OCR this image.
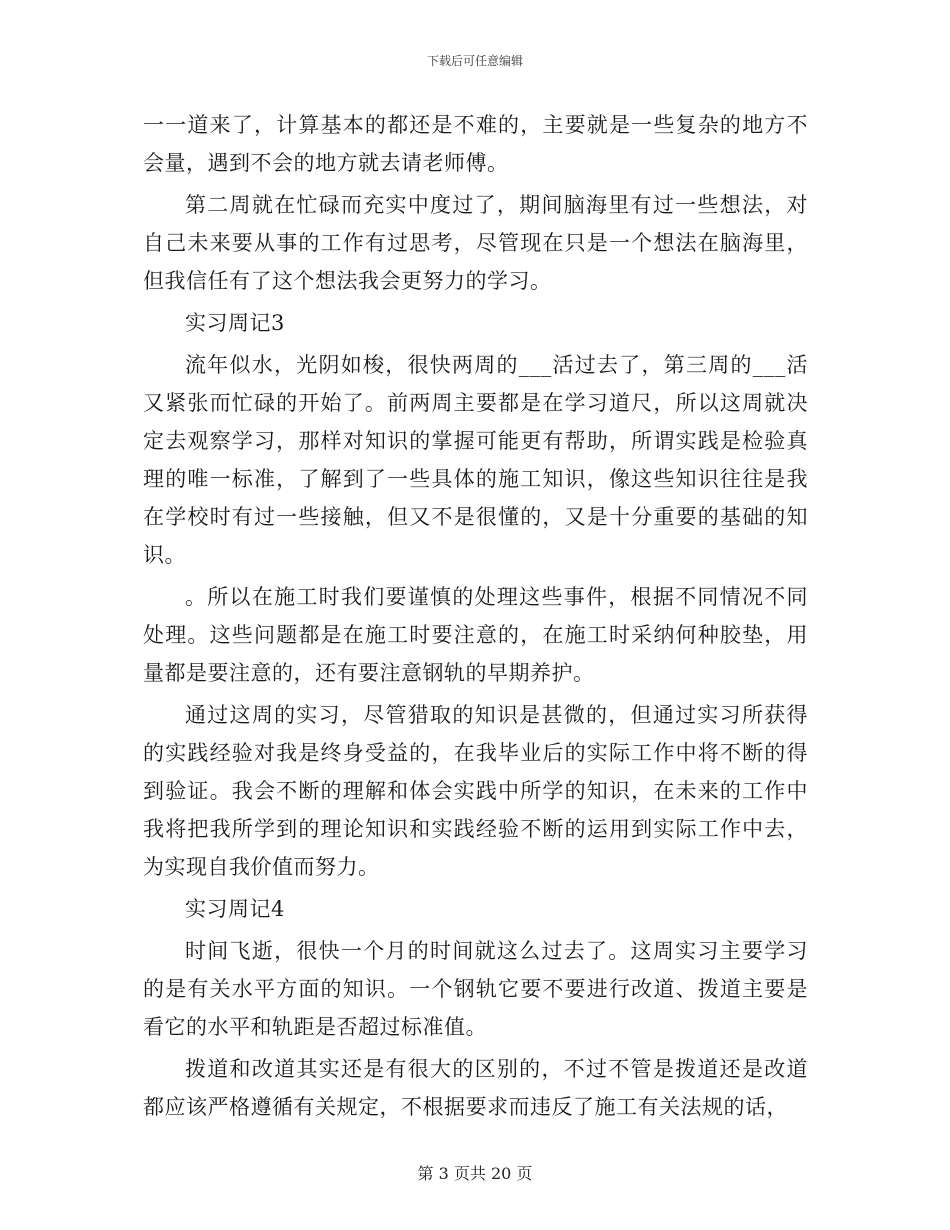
下载后可任意编辑

一一道来了，计算基本的都还是不难的，主要就是一些复杂的地方不会量，遇到不会的地方就去请老师傅。

第二周就在忙碌而充实中度过了，期间脑海里有过一些想法，对自己未来要从事的工作有过思考，尽管现在只是一个想法在脑海里，但我信任有了这个想法我会更努力的学习。

实习周记3

流年似水，光阴如梭，很快两周的___活过去了，第三周的___活又紧张而忙碌的开始了。前两周主要都是在学习道尺，所以这周就决定去观察学习，那样对知识的掌握可能更有帮助，所谓实践是检验真理的唯一标准，了解到了一些具体的施工知识，像这些知识往往是我在学校时有过一些接触，但又不是很懂的，又是十分重要的基础的知识。

。所以在施工时我们要谨慎的处理这些事件，根据不同情况不同处理。这些问题都是在施工时要注意的，在施工时采纳何种胶垫，用量都是要注意的，还有要注意钢轨的早期养护。

通过这周的实习，尽管猎取的知识是甚微的，但通过实习所获得的实践经验对我是终身受益的，在我毕业后的实际工作中将不断的得到验证。我会不断的理解和体会实践中所学的知识，在未来的工作中我将把我所学到的理论知识和实践经验不断的运用到实际工作中去，为实现自我价值而努力。

实习周记4

时间飞逝，很快一个月的时间就这么过去了。这周实习主要学习的是有关水平方面的知识。一个钢轨它要不要进行改道、拨道主要是看它的水平和轨距是否超过标准值。

拨道和改道其实还是有很大的区别的，不过不管是拨道还是改道都应该严格遵循有关规定，不根据要求而违反了施工有关法规的话，

第 3 页共 20 页
